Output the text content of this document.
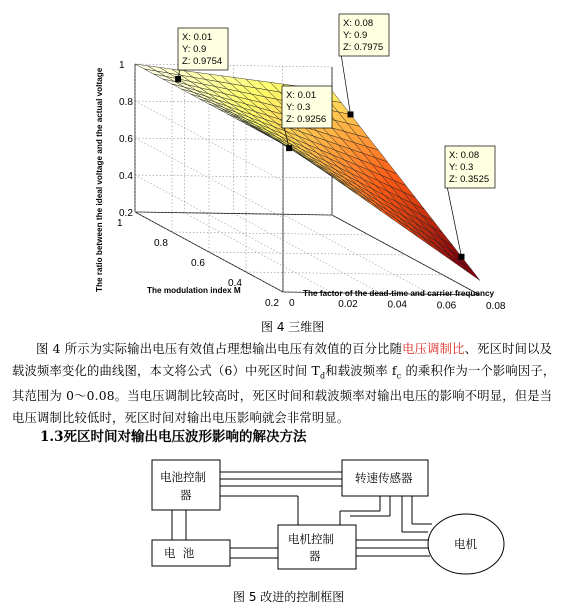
1
0.8
0.6
0.4
0.2
1
0.8
0.6
0.4
0.2 0	0.02	0.04	0.06	0.08
X: 0.01
Y: 0.9
Z: 0.9754
X: 0.08
Y: 0.9
Z: 0.7975
X: 0.01
Y: 0.3
Z: 0.9256
X: 0.08
Y: 0.3
Z: 0.3525
The ratio between the ideal voltage and the actual voltage	The modulation index M	The factor of the dead-time and carrier frequency
图 4 三维图
图 4 所示为实际输出电压有效值占理想输出电压有效值的百分比随电压调制比、死区时间以及载波频率变化的曲线图，本文将公式（6）中死区时间 $T_d$和载波频率 $f_c$ 的乘积作为一个影响因子，其范围为 0～0.08。当电压调制比较高时，死区时间和载波频率对输出电压的影响不明显，但是当电压调制比较低时，死区时间对输出电压影响就会非常明显。
1.3死区时间对输出电压波形影响的解决方法
电池控制
器
转速传感器
电  池
电机控制
器
电机
图 5 改进的控制框图
